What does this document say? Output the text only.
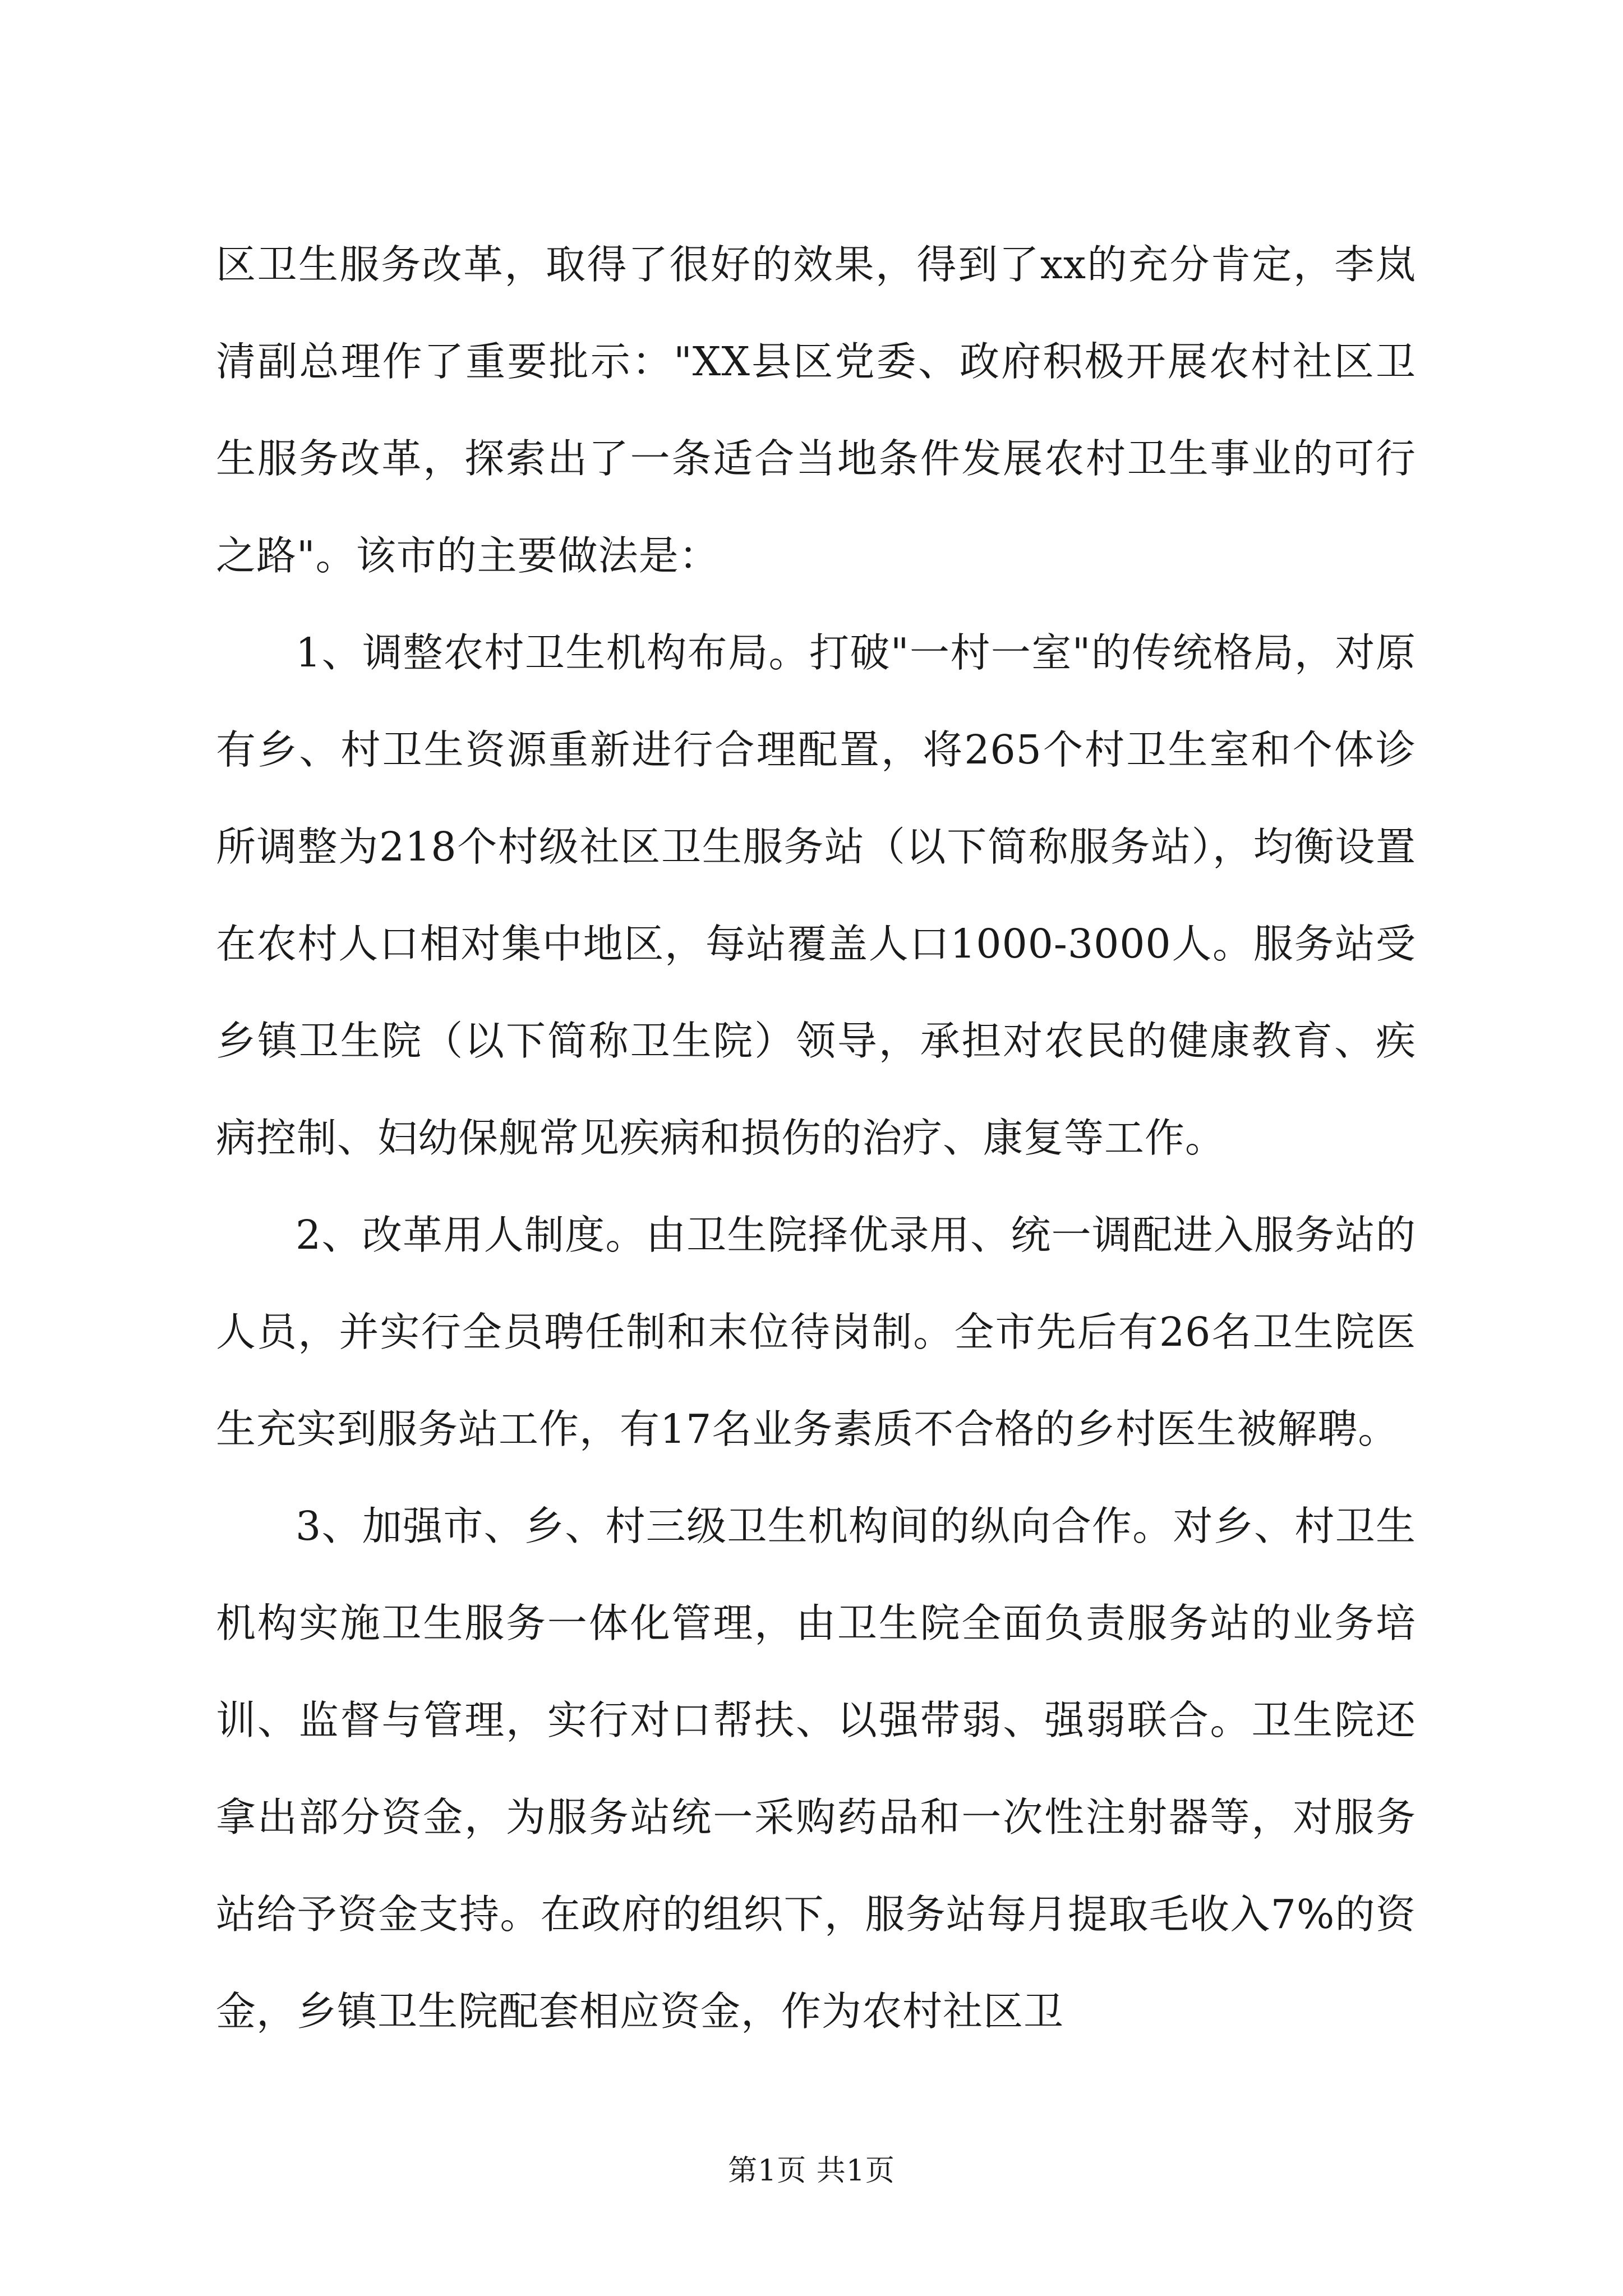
区卫生服务改革，取得了很好的效果，得到了xx的充分肯定，李岚清副总理作了重要批示："XX县区党委、政府积极开展农村社区卫生服务改革，探索出了一条适合当地条件发展农村卫生事业的可行之路"。该市的主要做法是：

1、调整农村卫生机构布局。打破"一村一室"的传统格局，对原有乡、村卫生资源重新进行合理配置，将265个村卫生室和个体诊所调整为218个村级社区卫生服务站（以下简称服务站），均衡设置在农村人口相对集中地区，每站覆盖人口1000-3000人。服务站受乡镇卫生院（以下简称卫生院）领导，承担对农民的健康教育、疾病控制、妇幼保舰常见疾病和损伤的治疗、康复等工作。

2、改革用人制度。由卫生院择优录用、统一调配进入服务站的人员，并实行全员聘任制和末位待岗制。全市先后有26名卫生院医生充实到服务站工作，有17名业务素质不合格的乡村医生被解聘。

3、加强市、乡、村三级卫生机构间的纵向合作。对乡、村卫生机构实施卫生服务一体化管理，由卫生院全面负责服务站的业务培训、监督与管理，实行对口帮扶、以强带弱、强弱联合。卫生院还拿出部分资金，为服务站统一采购药品和一次性注射器等，对服务站给予资金支持。在政府的组织下，服务站每月提取毛收入7%的资金，乡镇卫生院配套相应资金，作为农村社区卫

第1页 共1页
